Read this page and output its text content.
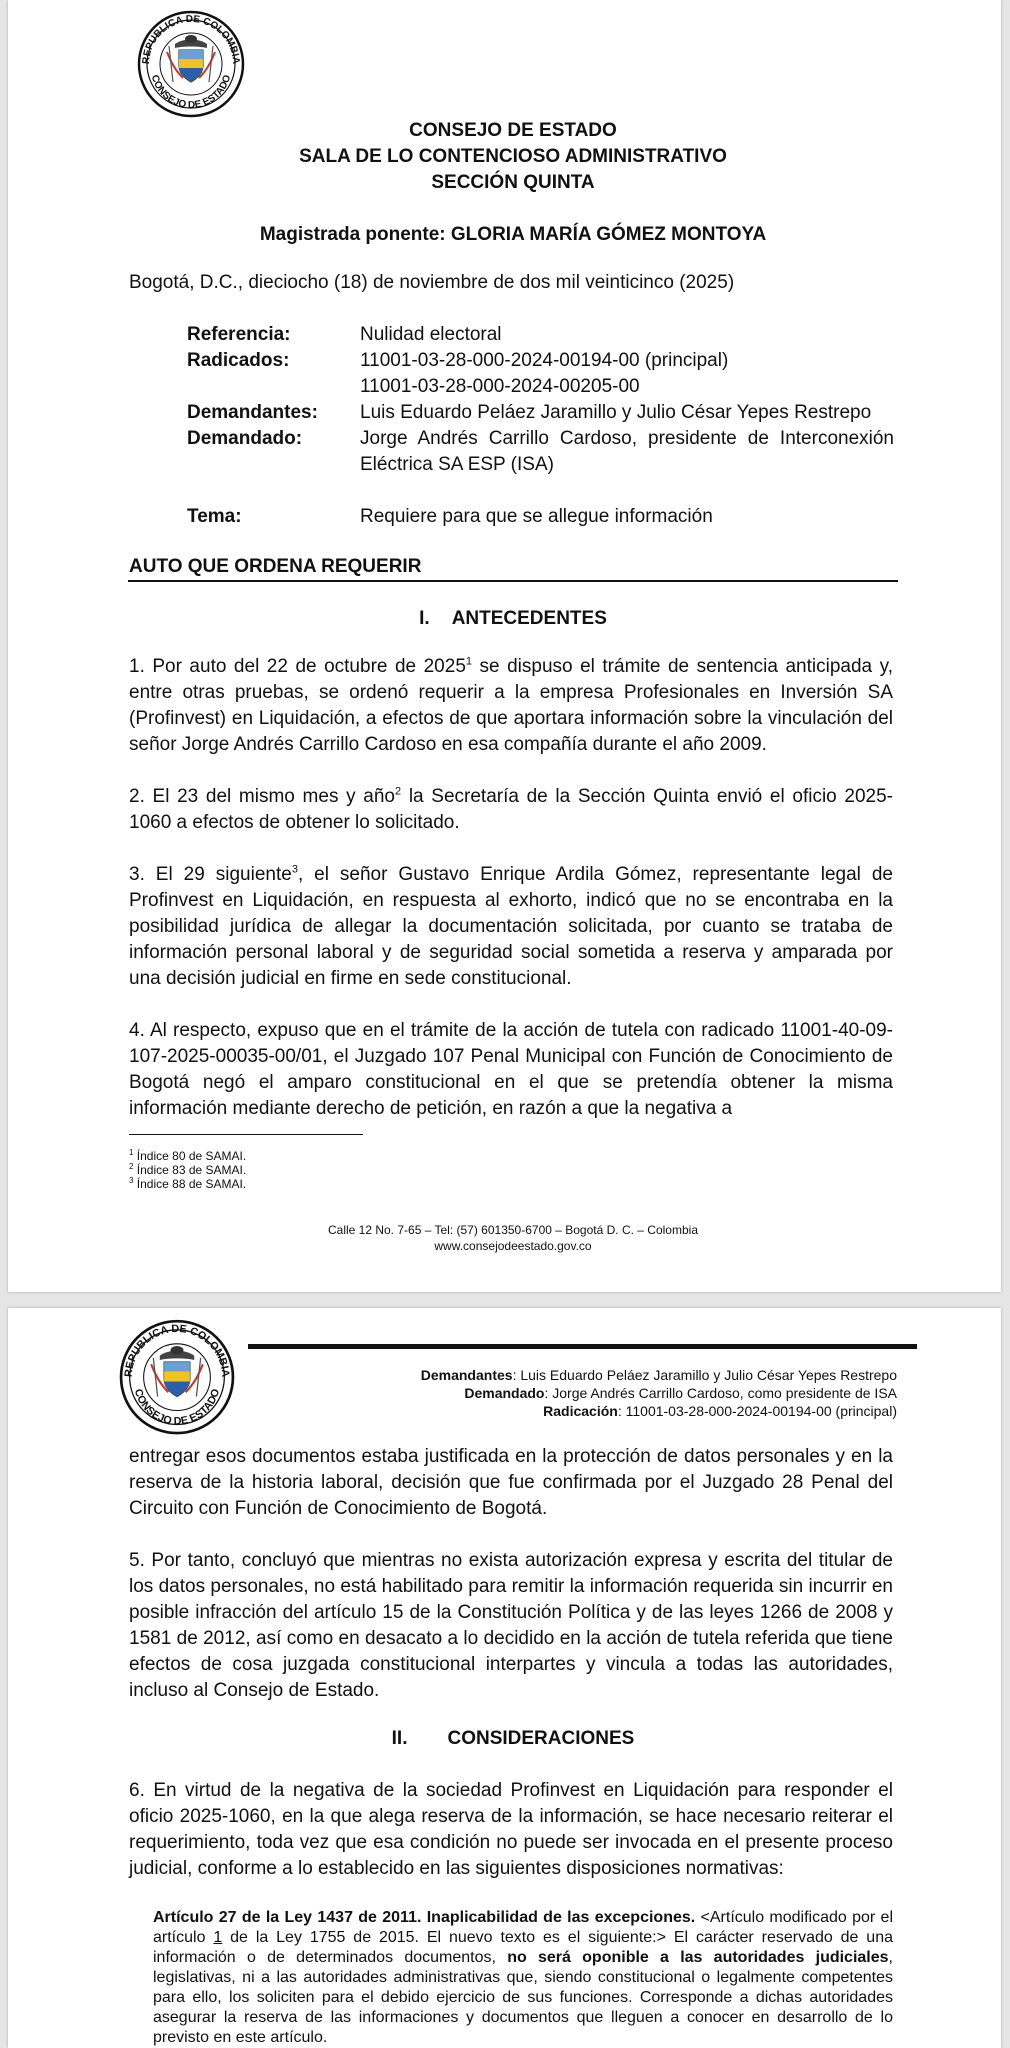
REPUBLICA DE COLOMBIA
CONSEJO DE ESTADO
CONSEJO DE ESTADO
SALA DE LO CONTENCIOSO ADMINISTRATIVO
SECCIÓN QUINTA
Magistrada ponente: GLORIA MARÍA GÓMEZ MONTOYA
Bogotá, D.C., dieciocho (18) de noviembre de dos mil veinticinco (2025)
Referencia:	Nulidad electoral
Radicados:	11001-03-28-000-2024-00194-00 (principal)
11001-03-28-000-2024-00205-00
Demandantes: Luis Eduardo Peláez Jaramillo y Julio César Yepes Restrepo
Demandado:	Jorge Andrés Carrillo Cardoso, presidente de Interconexión Eléctrica SA ESP (ISA)
Tema:	Requiere para que se allegue información
AUTO QUE ORDENA REQUERIR
I. ANTECEDENTES
1. Por auto del 22 de octubre de 2025$^1$ se dispuso el trámite de sentencia anticipada y, entre otras pruebas, se ordenó requerir a la empresa Profesionales en Inversión SA (Profinvest) en Liquidación, a efectos de que aportara información sobre la vinculación del señor Jorge Andrés Carrillo Cardoso en esa compañía durante el año 2009.
2. El 23 del mismo mes y año$^2$ la Secretaría de la Sección Quinta envió el oficio 2025-1060 a efectos de obtener lo solicitado.
3. El 29 siguiente$^3$, el señor Gustavo Enrique Ardila Gómez, representante legal de Profinvest en Liquidación, en respuesta al exhorto, indicó que no se encontraba en la posibilidad jurídica de allegar la documentación solicitada, por cuanto se trataba de información personal laboral y de seguridad social sometida a reserva y amparada por una decisión judicial en firme en sede constitucional.
4. Al respecto, expuso que en el trámite de la acción de tutela con radicado 11001-40-09-107-2025-00035-00/01, el Juzgado 107 Penal Municipal con Función de Conocimiento de Bogotá negó el amparo constitucional en el que se pretendía obtener la misma información mediante derecho de petición, en razón a que la negativa a
$^1$ Índice 80 de SAMAI.
$^2$ Índice 83 de SAMAI.
$^3$ Índice 88 de SAMAI.
Calle 12 No. 7-65 – Tel: (57) 601350-6700 – Bogotá D. C. – Colombia
www.consejodeestado.gov.co
REPUBLICA DE COLOMBIA
CONSEJO DE ESTADO
Demandantes: Luis Eduardo Peláez Jaramillo y Julio César Yepes Restrepo
Demandado: Jorge Andrés Carrillo Cardoso, como presidente de ISA
Radicación: 11001-03-28-000-2024-00194-00 (principal)
entregar esos documentos estaba justificada en la protección de datos personales y en la reserva de la historia laboral, decisión que fue confirmada por el Juzgado 28 Penal del Circuito con Función de Conocimiento de Bogotá.
5. Por tanto, concluyó que mientras no exista autorización expresa y escrita del titular de los datos personales, no está habilitado para remitir la información requerida sin incurrir en posible infracción del artículo 15 de la Constitución Política y de las leyes 1266 de 2008 y 1581 de 2012, así como en desacato a lo decidido en la acción de tutela referida que tiene efectos de cosa juzgada constitucional interpartes y vincula a todas las autoridades, incluso al Consejo de Estado.
II. CONSIDERACIONES
6. En virtud de la negativa de la sociedad Profinvest en Liquidación para responder el oficio 2025-1060, en la que alega reserva de la información, se hace necesario reiterar el requerimiento, toda vez que esa condición no puede ser invocada en el presente proceso judicial, conforme a lo establecido en las siguientes disposiciones normativas:
Artículo 27 de la Ley 1437 de 2011. Inaplicabilidad de las excepciones. <Artículo modificado por el artículo 1 de la Ley 1755 de 2015. El nuevo texto es el siguiente:> El carácter reservado de una información o de determinados documentos, no será oponible a las autoridades judiciales, legislativas, ni a las autoridades administrativas que, siendo constitucional o legalmente competentes para ello, los soliciten para el debido ejercicio de sus funciones. Corresponde a dichas autoridades asegurar la reserva de las informaciones y documentos que lleguen a conocer en desarrollo de lo previsto en este artículo.
